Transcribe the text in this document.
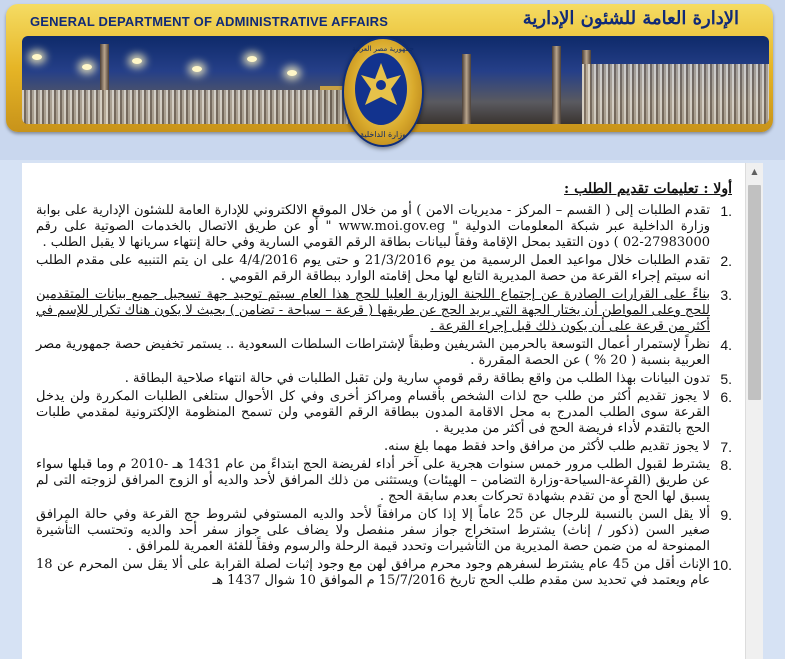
GENERAL DEPARTMENT OF ADMINISTRATIVE AFFAIRS	الإدارة العامة للشئون الإدارية
جمهورية مصر العربية
وزارة الداخلية
أولا : تعليمات تقديم الطلب :
1.
تقدم الطلبات إلى ( القسم – المركز - مديريات الامن ) أو من خلال الموقع الالكتروني للإدارة العامة للشئون الإدارية على بوابة وزارة الداخلية عبر شبكة المعلومات الدولية " www.moi.gov.eg " أو عن طريق الاتصال بالخدمات الصوتية على رقم 27983000-02 ) دون التقيد بمحل الإقامة وفقاً لبيانات بطاقة الرقم القومي السارية وفي حالة إنتهاء سريانها لا يقبل الطلب .
2.
تقدم الطلبات خلال مواعيد العمل الرسمية من يوم 21/3/2016 و حتى يوم 4/4/2016 على ان يتم التنبيه على مقدم الطلب انه سيتم إجراء القرعة من حصة المديرية التابع لها محل إقامته الوارد ببطاقة الرقم القومي .
3.
بناءً على القرارات الصادرة عن إجتماع اللجنة الوزارية العليا للحج هذا العام سيتم توحيد جهة تسجيل جميع بيانات المتقدمين للحج وعلى المواطن أن يختار الجهة التي يريد الحج عن طريقها ( قرعة – سياحة - تضامن ) بحيث لا يكون هناك تكرار للإسم في أكثر من قرعة على أن يكون ذلك قبل إجراء القرعة .
4.
نظراً لإستمرار أعمال التوسعة بالحرمين الشريفين وطبقاً لإشتراطات السلطات السعودية .. يستمر تخفيض حصة جمهورية مصر العربية بنسبة ( 20 % ) عن الحصة المقررة .
5.
تدون البيانات بهذا الطلب من واقع بطاقة رقم قومي سارية ولن تقبل الطلبات في حالة انتهاء صلاحية البطاقة .
6.
لا يجوز تقديم أكثر من طلب حج لذات الشخص بأقسام ومراكز أخرى وفي كل الأحوال ستلغى الطلبات المكررة ولن يدخل القرعة سوى الطلب المدرج به محل الاقامة المدون ببطاقة الرقم القومي ولن تسمح المنظومة الإلكترونية لمقدمي طلبات الحج بالتقدم لأداء فريضة الحج فى أكثر من مديرية .
7.
لا يجوز تقديم طلب لأكثر من مرافق واحد فقط مهما بلغ سنه.
8.
يشترط لقبول الطلب مرور خمس سنوات هجرية على آخر أداء لفريضة الحج ابتداءً من عام 1431 هـ -2010 م وما قبلها سواء عن طريق (القرعة-السياحة-وزارة التضامن – الهيئات) ويستثنى من ذلك المرافق لأحد والديه أو الزوج المرافق لزوجته التى لم يسبق لها الحج أو من تقدم بشهادة تحركات بعدم سابقة الحج .
9.
ألا يقل السن بالنسبة للرجال عن 25 عاماً إلا إذا كان مرافقاً لأحد والديه المستوفي لشروط حج القرعة وفي حالة المرافق صغير السن (ذكور / إناث) يشترط استخراج جواز سفر منفصل ولا يضاف على جواز سفر أحد والديه وتحتسب التأشيرة الممنوحة له من ضمن حصة المديرية من التأشيرات وتحدد قيمة الرحلة والرسوم وفقاً للفئة العمرية للمرافق .
10.
الإناث أقل من 45 عام يشترط لسفرهم وجود محرم مرافق لهن مع وجود إثبات لصلة القرابة على ألا يقل سن المحرم عن 18 عام ويعتمد في تحديد سن مقدم طلب الحج تاريخ 15/7/2016 م الموافق 10 شوال 1437 هـ
▲
